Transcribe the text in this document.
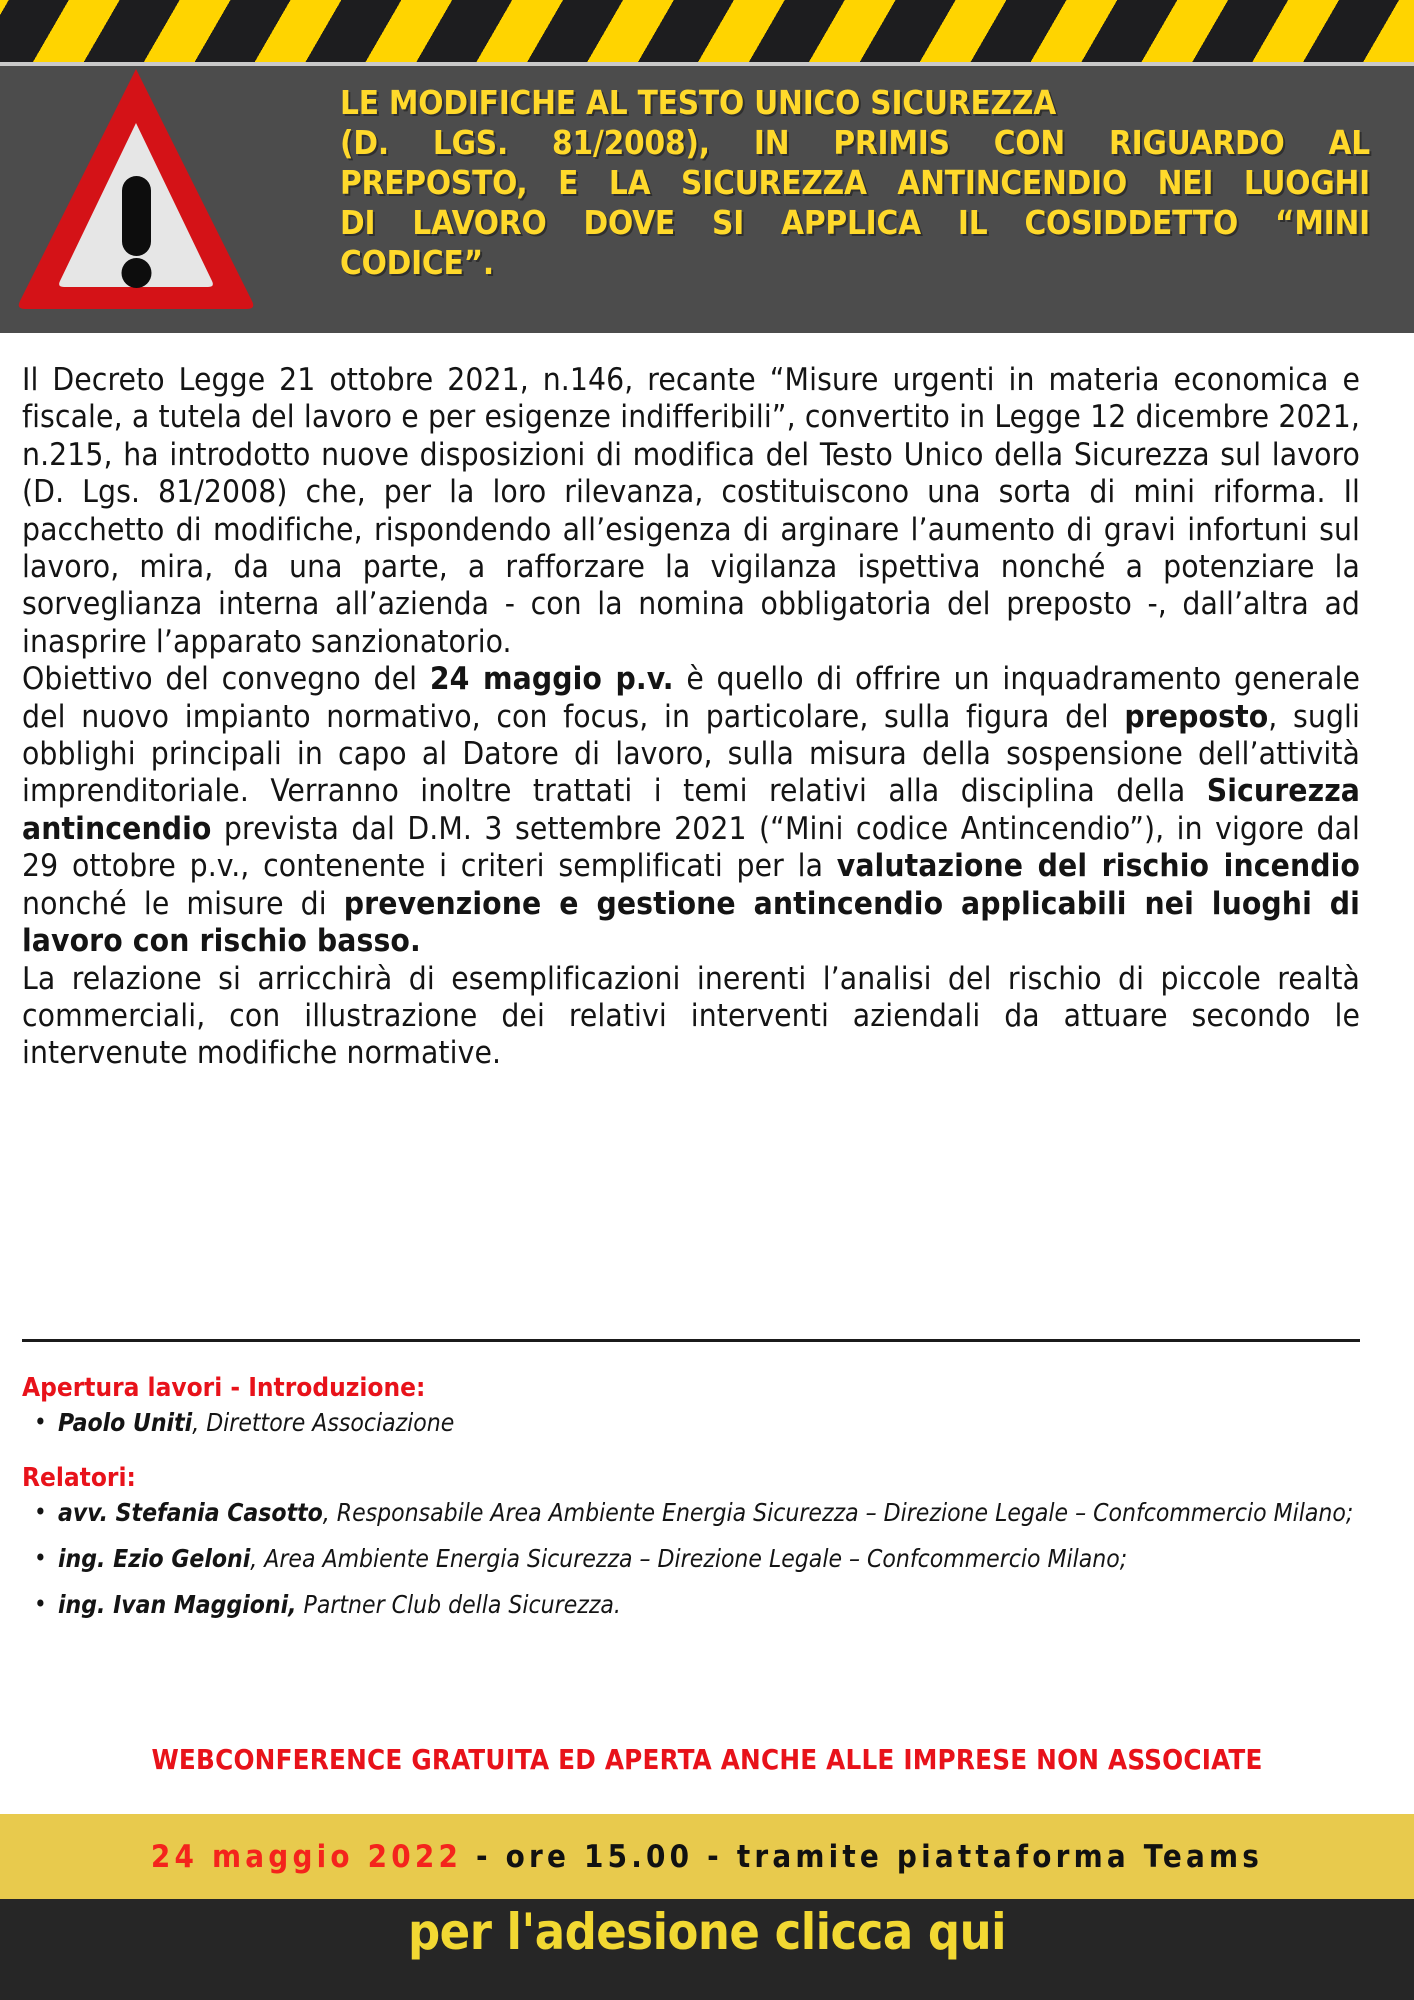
LE MODIFICHE AL TESTO UNICO SICUREZZA
(D. LGS. 81/2008), IN PRIMIS CON RIGUARDO AL
PREPOSTO, E LA SICUREZZA ANTINCENDIO NEI LUOGHI
DI LAVORO DOVE SI APPLICA IL COSIDDETTO “MINI
CODICE”.

Il Decreto Legge 21 ottobre 2021, n.146, recante “Misure urgenti in materia economica e fiscale, a tutela del lavoro e per esigenze indifferibili”, convertito in Legge 12 dicembre 2021, n.215, ha introdotto nuove disposizioni di modifica del Testo Unico della Sicurezza sul lavoro (D. Lgs. 81/2008) che, per la loro rilevanza, costituiscono una sorta di mini riforma. Il pacchetto di modifiche, rispondendo all’esigenza di arginare l’aumento di gravi infortuni sul lavoro, mira, da una parte, a rafforzare la vigilanza ispettiva nonché a potenziare la sorveglianza interna all’azienda - con la nomina obbligatoria del preposto -, dall’altra ad inasprire l’apparato sanzionatorio.

Obiettivo del convegno del 24 maggio p.v. è quello di offrire un inquadramento generale del nuovo impianto normativo, con focus, in particolare, sulla figura del preposto, sugli obblighi principali in capo al Datore di lavoro, sulla misura della sospensione dell’attività imprenditoriale. Verranno inoltre trattati i temi relativi alla disciplina della Sicurezza antincendio prevista dal D.M. 3 settembre 2021 (“Mini codice Antincendio”), in vigore dal 29 ottobre p.v., contenente i criteri semplificati per la valutazione del rischio incendio nonché le misure di prevenzione e gestione antincendio applicabili nei luoghi di lavoro con rischio basso.

La relazione si arricchirà di esemplificazioni inerenti l’analisi del rischio di piccole realtà commerciali, con illustrazione dei relativi interventi aziendali da attuare secondo le intervenute modifiche normative.

Apertura lavori - Introduzione:
• Paolo Uniti, Direttore Associazione
Relatori:
• avv. Stefania Casotto, Responsabile Area Ambiente Energia Sicurezza – Direzione Legale – Confcommercio Milano;
• ing. Ezio Geloni, Area Ambiente Energia Sicurezza – Direzione Legale – Confcommercio Milano;
• ing. Ivan Maggioni, Partner Club della Sicurezza.
WEBCONFERENCE GRATUITA ED APERTA ANCHE ALLE IMPRESE NON ASSOCIATE
24 maggio 2022 - ore 15.00 - tramite piattaforma Teams
per l'adesione clicca qui
